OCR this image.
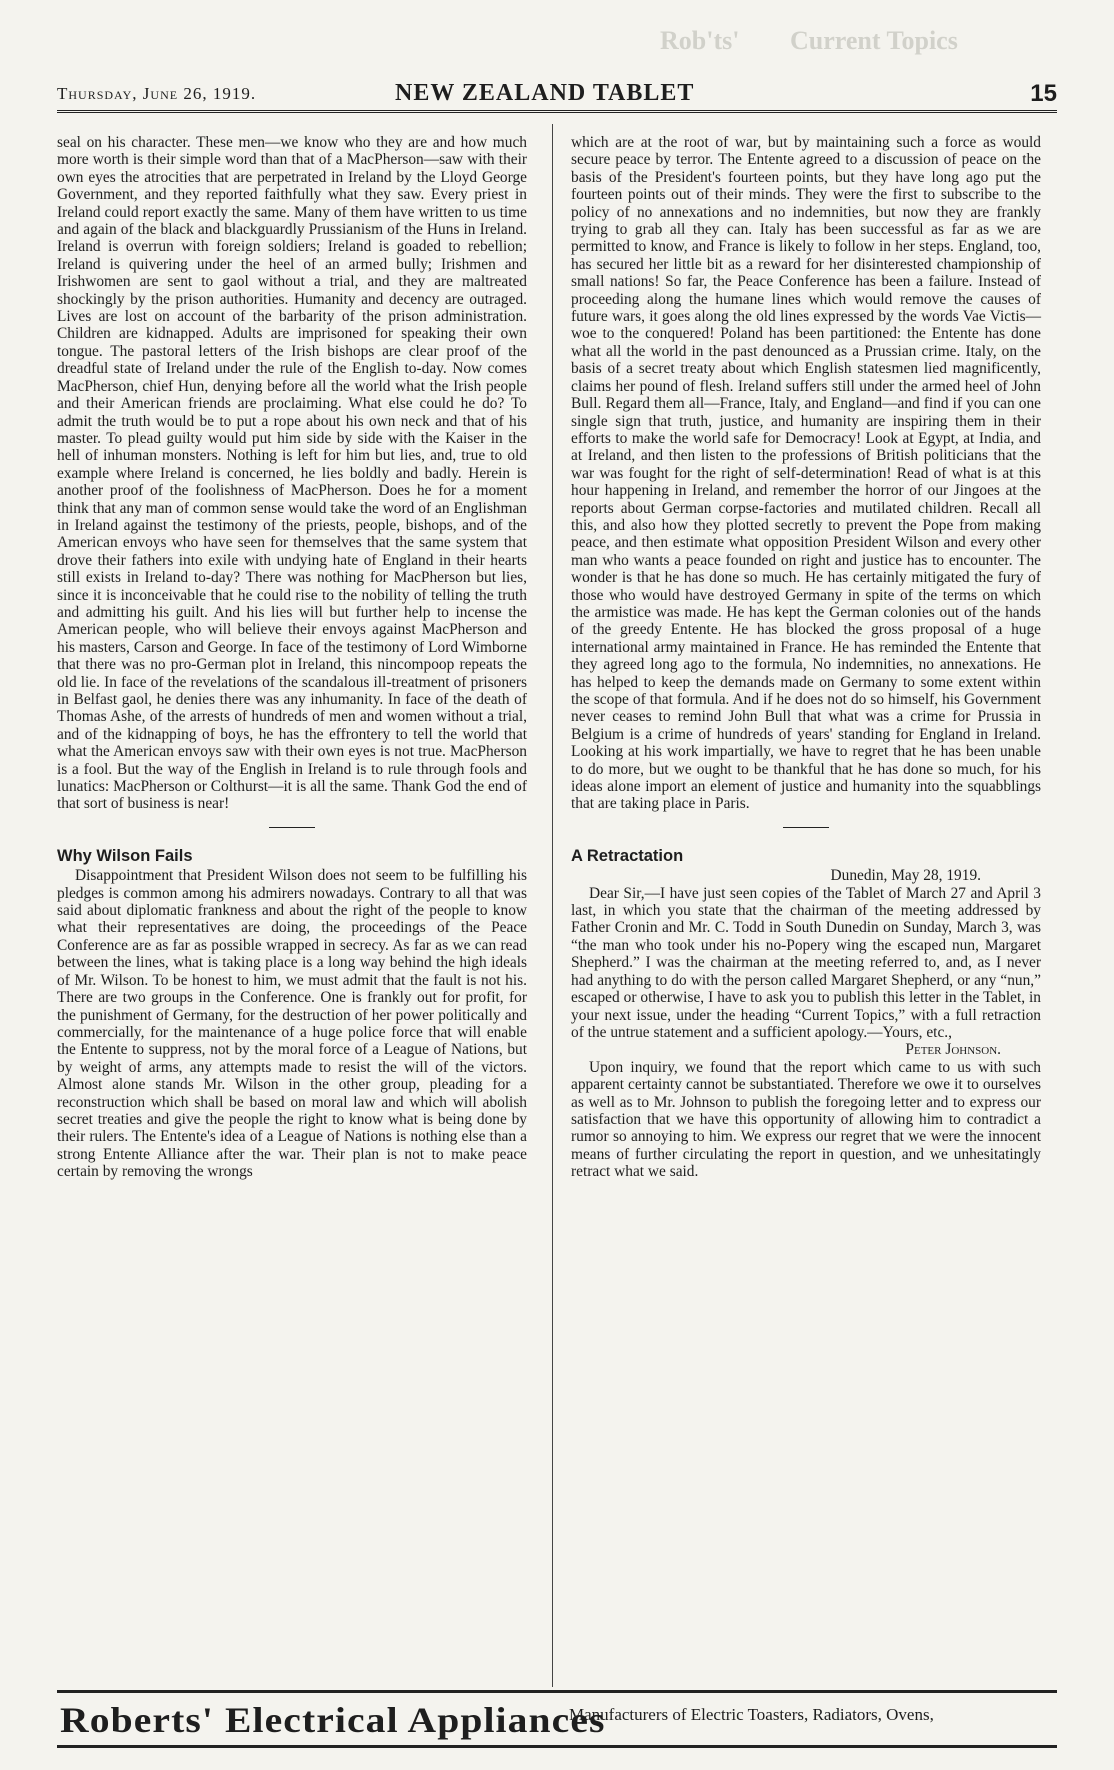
Rob'ts' Current Topics
Thursday, June 26, 1919.	NEW ZEALAND TABLET	15

seal on his character. These men—we know who they are and how much more worth is their simple word than that of a MacPherson—saw with their own eyes the atrocities that are perpetrated in Ireland by the Lloyd George Government, and they reported faithfully what they saw. Every priest in Ireland could report exactly the same. Many of them have written to us time and again of the black and blackguardly Prussianism of the Huns in Ireland. Ireland is overrun with foreign soldiers; Ireland is goaded to rebellion; Ireland is quivering under the heel of an armed bully; Irishmen and Irishwomen are sent to gaol without a trial, and they are maltreated shockingly by the prison authorities. Humanity and decency are outraged. Lives are lost on account of the barbarity of the prison administration. Children are kidnapped. Adults are imprisoned for speaking their own tongue. The pastoral letters of the Irish bishops are clear proof of the dreadful state of Ireland under the rule of the English to-day. Now comes MacPherson, chief Hun, denying before all the world what the Irish people and their American friends are proclaiming. What else could he do? To admit the truth would be to put a rope about his own neck and that of his master. To plead guilty would put him side by side with the Kaiser in the hell of inhuman monsters. Nothing is left for him but lies, and, true to old example where Ireland is concerned, he lies boldly and badly. Herein is another proof of the foolishness of MacPherson. Does he for a moment think that any man of common sense would take the word of an Englishman in Ireland against the testimony of the priests, people, bishops, and of the American envoys who have seen for themselves that the same system that drove their fathers into exile with undying hate of England in their hearts still exists in Ireland to-day? There was nothing for MacPherson but lies, since it is inconceivable that he could rise to the nobility of telling the truth and admitting his guilt. And his lies will but further help to incense the American people, who will believe their envoys against MacPherson and his masters, Carson and George. In face of the testimony of Lord Wimborne that there was no pro-German plot in Ireland, this nincompoop repeats the old lie. In face of the revelations of the scandalous ill-treatment of prisoners in Belfast gaol, he denies there was any inhumanity. In face of the death of Thomas Ashe, of the arrests of hundreds of men and women without a trial, and of the kidnapping of boys, he has the effrontery to tell the world that what the American envoys saw with their own eyes is not true. MacPherson is a fool. But the way of the English in Ireland is to rule through fools and lunatics: MacPherson or Colthurst—it is all the same. Thank God the end of that sort of business is near!

Why Wilson Fails

Disappointment that President Wilson does not seem to be fulfilling his pledges is common among his admirers nowadays. Contrary to all that was said about diplomatic frankness and about the right of the people to know what their representatives are doing, the proceedings of the Peace Conference are as far as possible wrapped in secrecy. As far as we can read between the lines, what is taking place is a long way behind the high ideals of Mr. Wilson. To be honest to him, we must admit that the fault is not his. There are two groups in the Conference. One is frankly out for profit, for the punishment of Germany, for the destruction of her power politically and commercially, for the maintenance of a huge police force that will enable the Entente to suppress, not by the moral force of a League of Nations, but by weight of arms, any attempts made to resist the will of the victors. Almost alone stands Mr. Wilson in the other group, pleading for a reconstruction which shall be based on moral law and which will abolish secret treaties and give the people the right to know what is being done by their rulers. The Entente's idea of a League of Nations is nothing else than a strong Entente Alliance after the war. Their plan is not to make peace certain by removing the wrongs

which are at the root of war, but by maintaining such a force as would secure peace by terror. The Entente agreed to a discussion of peace on the basis of the President's fourteen points, but they have long ago put the fourteen points out of their minds. They were the first to subscribe to the policy of no annexations and no indemnities, but now they are frankly trying to grab all they can. Italy has been successful as far as we are permitted to know, and France is likely to follow in her steps. England, too, has secured her little bit as a reward for her disinterested championship of small nations! So far, the Peace Conference has been a failure. Instead of proceeding along the humane lines which would remove the causes of future wars, it goes along the old lines expressed by the words Vae Victis—woe to the conquered! Poland has been partitioned: the Entente has done what all the world in the past denounced as a Prussian crime. Italy, on the basis of a secret treaty about which English statesmen lied magnificently, claims her pound of flesh. Ireland suffers still under the armed heel of John Bull. Regard them all—France, Italy, and England—and find if you can one single sign that truth, justice, and humanity are inspiring them in their efforts to make the world safe for Democracy! Look at Egypt, at India, and at Ireland, and then listen to the professions of British politicians that the war was fought for the right of self-determination! Read of what is at this hour happening in Ireland, and remember the horror of our Jingoes at the reports about German corpse-factories and mutilated children. Recall all this, and also how they plotted secretly to prevent the Pope from making peace, and then estimate what opposition President Wilson and every other man who wants a peace founded on right and justice has to encounter. The wonder is that he has done so much. He has certainly mitigated the fury of those who would have destroyed Germany in spite of the terms on which the armistice was made. He has kept the German colonies out of the hands of the greedy Entente. He has blocked the gross proposal of a huge international army maintained in France. He has reminded the Entente that they agreed long ago to the formula, No indemnities, no annexations. He has helped to keep the demands made on Germany to some extent within the scope of that formula. And if he does not do so himself, his Government never ceases to remind John Bull that what was a crime for Prussia in Belgium is a crime of hundreds of years' standing for England in Ireland. Looking at his work impartially, we have to regret that he has been unable to do more, but we ought to be thankful that he has done so much, for his ideas alone import an element of justice and humanity into the squabblings that are taking place in Paris.

A Retractation

Dunedin, May 28, 1919.

Dear Sir,—I have just seen copies of the Tablet of March 27 and April 3 last, in which you state that the chairman of the meeting addressed by Father Cronin and Mr. C. Todd in South Dunedin on Sunday, March 3, was “the man who took under his no-Popery wing the escaped nun, Margaret Shepherd.” I was the chairman at the meeting referred to, and, as I never had anything to do with the person called Margaret Shepherd, or any “nun,” escaped or otherwise, I have to ask you to publish this letter in the Tablet, in your next issue, under the heading “Current Topics,” with a full retraction of the untrue statement and a sufficient apology.—Yours, etc.,

Peter Johnson.

Upon inquiry, we found that the report which came to us with such apparent certainty cannot be substantiated. Therefore we owe it to ourselves as well as to Mr. Johnson to publish the foregoing letter and to express our satisfaction that we have this opportunity of allowing him to contradict a rumor so annoying to him. We express our regret that we were the innocent means of further circulating the report in question, and we unhesitatingly retract what we said.

Roberts' Electrical Appliances
Manufacturers of Electric Toasters, Radiators, Ovens,
